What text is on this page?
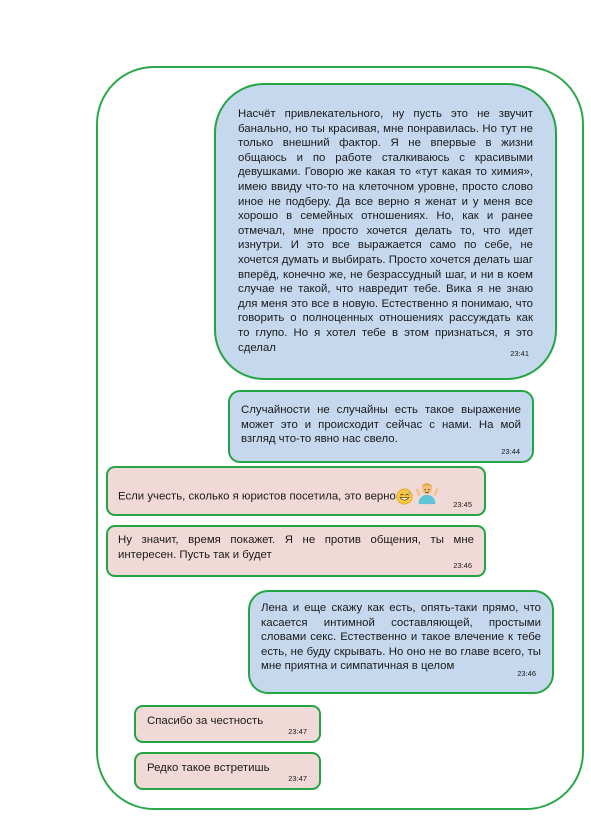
Насчёт привлекательного, ну пусть это не звучит банально, но ты красивая, мне понравилась. Но тут не только внешний фактор. Я не впервые в жизни общаюсь и по работе сталкиваюсь с красивыми девушками. Говорю же какая то «тут какая то химия», имею ввиду что-то на клеточном уровне, просто слово иное не подберу. Да все верно я женат и у меня все хорошо в семейных отношениях. Но, как и ранее отмечал, мне просто хочется делать то, что идет изнутри. И это все выражается само по себе, не хочется думать и выбирать. Просто хочется делать шаг вперёд, конечно же, не безрассудный шаг, и ни в коем случае не такой, что навредит тебе. Вика я не знаю для меня это все в новую. Естественно я понимаю, что говорить о полноценных отношениях рассуждать как то глупо. Но я хотел тебе в этом признаться, я это сделал	23:41
Случайности не случайны есть такое выражение может это и происходит сейчас с нами. На мой взгляд что-то явно нас свело.
23:44
Если учесть, сколько я юристов посетила, это верно
23:45
Ну значит, время покажет. Я не против общения, ты мне интересен. Пусть так и будет
23:46
Лена и еще скажу как есть, опять-таки прямо, что касается интимной составляющей, простыми словами секс. Естественно и такое влечение к тебе есть, не буду скрывать. Но оно не во главе всего, ты мне приятна и симпатичная в целом
23:46
Спасибо за честность
23:47
Редко такое встретишь
23:47
